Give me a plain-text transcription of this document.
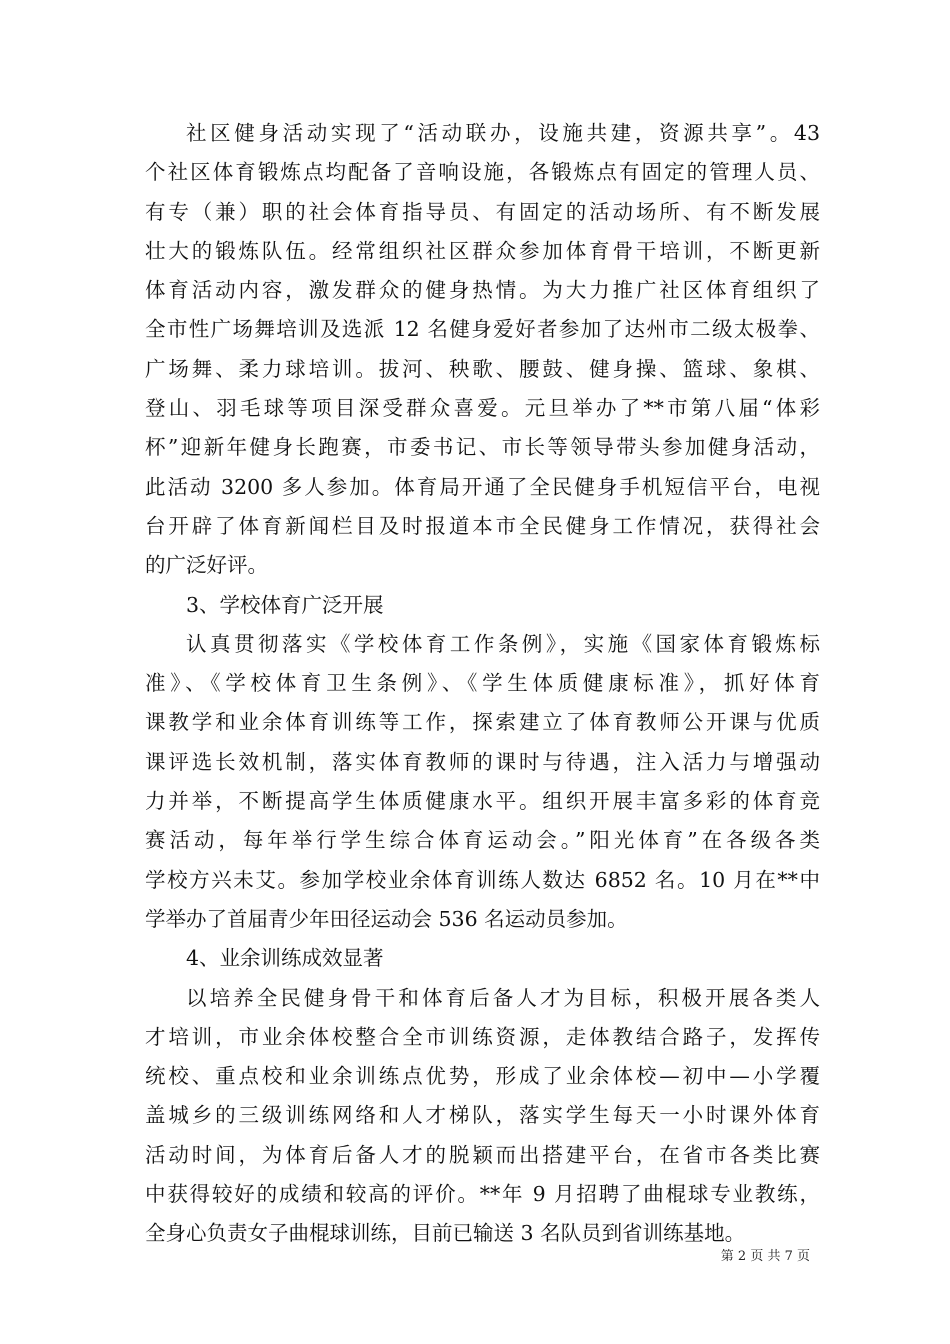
社区健身活动实现了“活动联办，设施共建，资源共享”。43
个社区体育锻炼点均配备了音响设施，各锻炼点有固定的管理人员、
有专（兼）职的社会体育指导员、有固定的活动场所、有不断发展
壮大的锻炼队伍。经常组织社区群众参加体育骨干培训，不断更新
体育活动内容，激发群众的健身热情。为大力推广社区体育组织了
全市性广场舞培训及选派 12 名健身爱好者参加了达州市二级太极拳、
广场舞、柔力球培训。拔河、秧歌、腰鼓、健身操、篮球、象棋、
登山、羽毛球等项目深受群众喜爱。元旦举办了**市第八届“体彩
杯”迎新年健身长跑赛，市委书记、市长等领导带头参加健身活动，
此活动 3200 多人参加。体育局开通了全民健身手机短信平台，电视
台开辟了体育新闻栏目及时报道本市全民健身工作情况，获得社会
的广泛好评。
3、学校体育广泛开展
认真贯彻落实《学校体育工作条例》，实施《国家体育锻炼标
准》、《学校体育卫生条例》、《学生体质健康标准》，抓好体育
课教学和业余体育训练等工作，探索建立了体育教师公开课与优质
课评选长效机制，落实体育教师的课时与待遇，注入活力与增强动
力并举，不断提高学生体质健康水平。组织开展丰富多彩的体育竞
赛活动，每年举行学生综合体育运动会。”阳光体育”在各级各类
学校方兴未艾。参加学校业余体育训练人数达 6852 名。10 月在**中
学举办了首届青少年田径运动会 536 名运动员参加。
4、业余训练成效显著
以培养全民健身骨干和体育后备人才为目标，积极开展各类人
才培训，市业余体校整合全市训练资源，走体教结合路子，发挥传
统校、重点校和业余训练点优势，形成了业余体校—初中—小学覆
盖城乡的三级训练网络和人才梯队，落实学生每天一小时课外体育
活动时间，为体育后备人才的脱颖而出搭建平台，在省市各类比赛
中获得较好的成绩和较高的评价。**年 9 月招聘了曲棍球专业教练，
全身心负责女子曲棍球训练，目前已输送 3 名队员到省训练基地。
第 2 页 共 7 页
